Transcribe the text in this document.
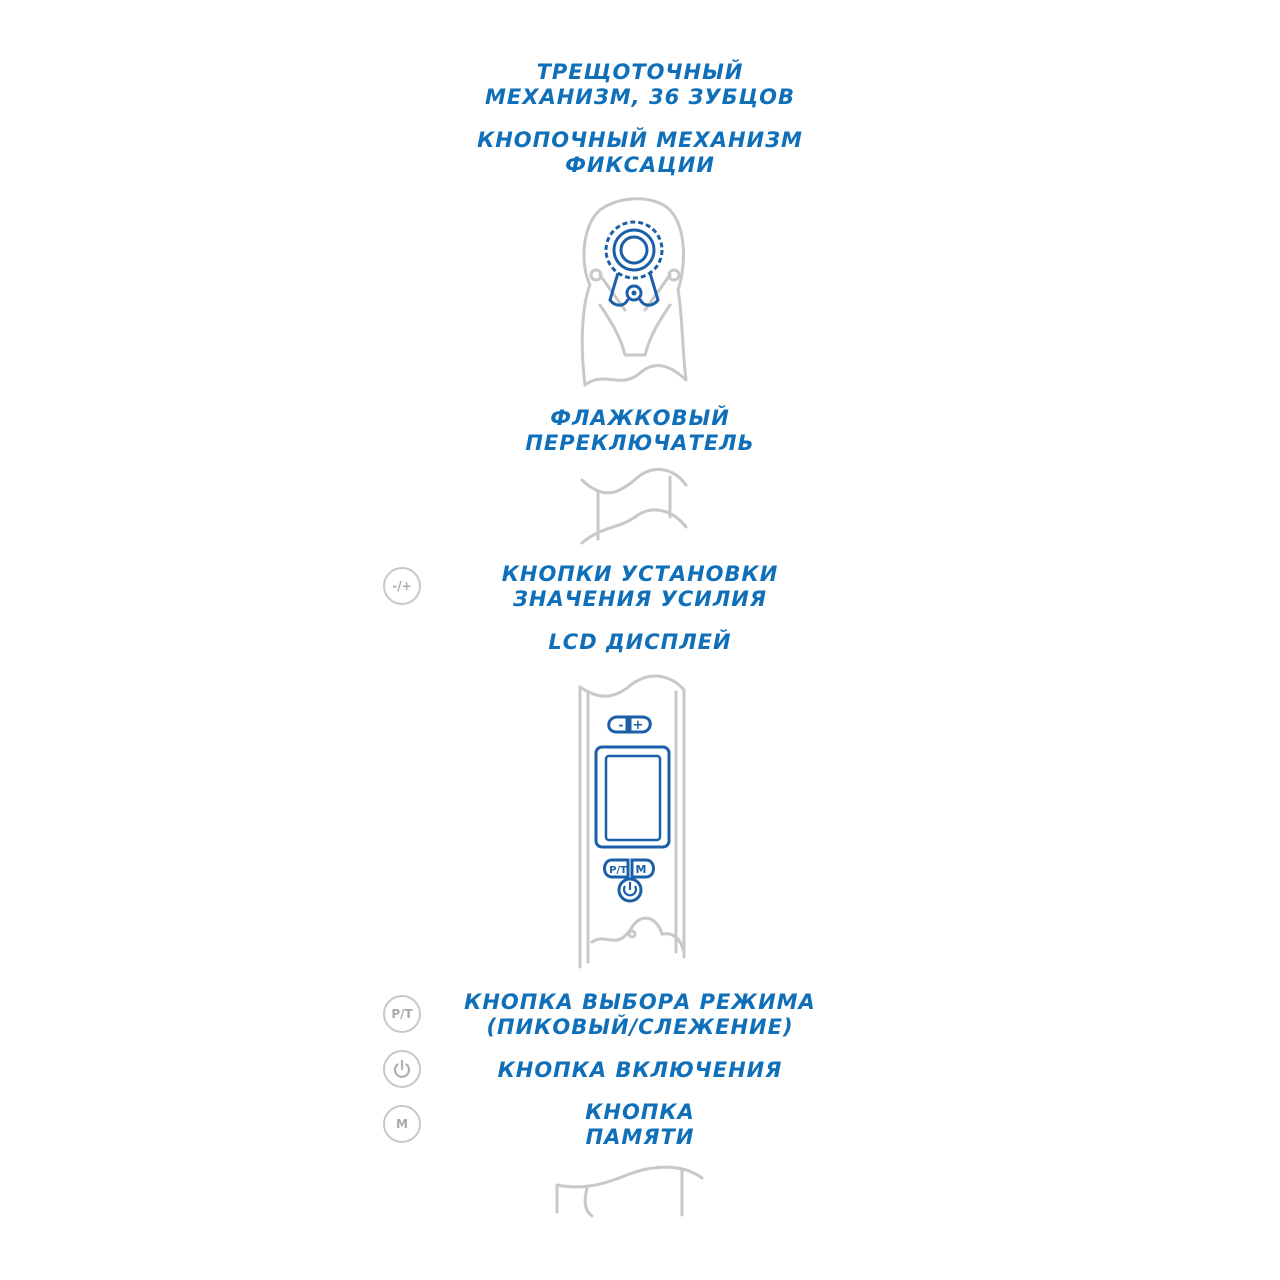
ТРЕЩОТОЧНЫЙ
МЕХАНИЗМ, 36 ЗУБЦОВ
КНОПОЧНЫЙ МЕХАНИЗМ
ФИКСАЦИИ
ФЛАЖКОВЫЙ
ПЕРЕКЛЮЧАТЕЛЬ
-/+	КНОПКИ УСТАНОВКИ
ЗНАЧЕНИЯ УСИЛИЯ
LCD ДИСПЛЕЙ
- +
P/T M
P/T	КНОПКА ВЫБОРА РЕЖИМА
(ПИКОВЫЙ/СЛЕЖЕНИЕ)
КНОПКА ВКЛЮЧЕНИЯ
M	КНОПКА
ПАМЯТИ
